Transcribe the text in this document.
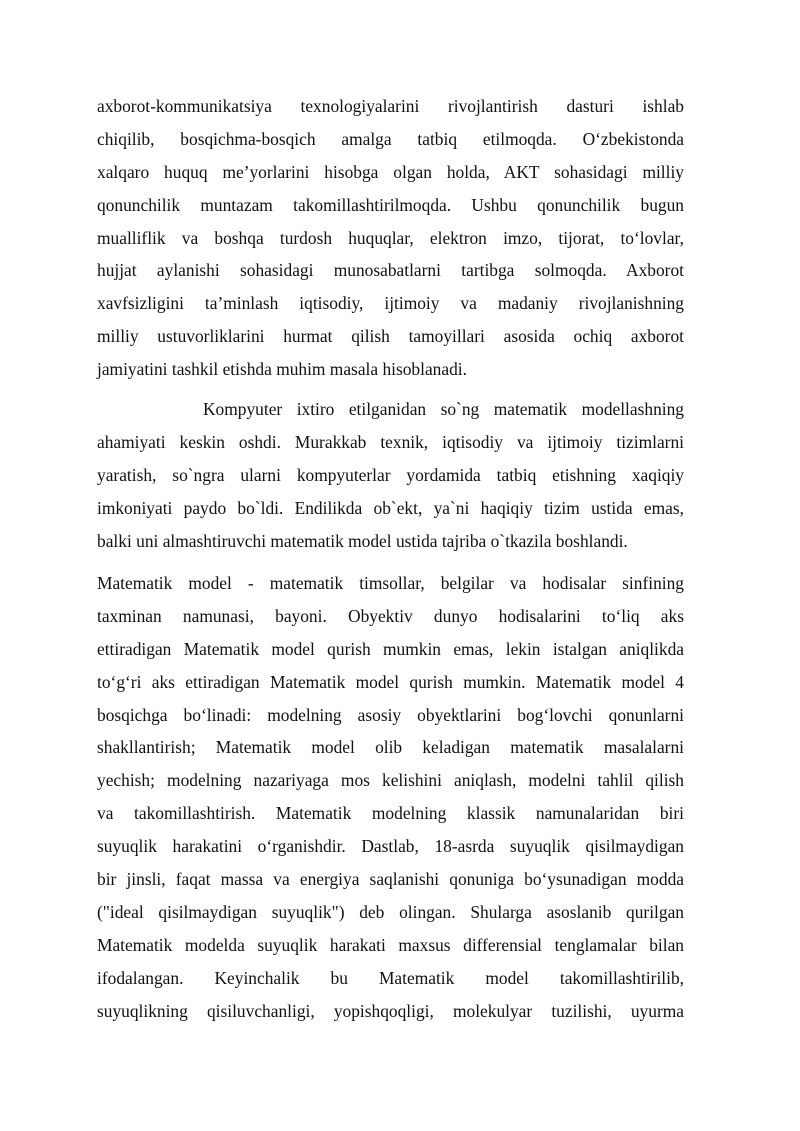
axborot-kommunikatsiya texnologiyalarini rivojlantirish dasturi ishlab
chiqilib, bosqichma-bosqich amalga tatbiq etilmoqda. O‘zbekistonda
xalqaro huquq me’yorlarini hisobga olgan holda, AKT sohasidagi milliy
qonunchilik muntazam takomillashtirilmoqda. Ushbu qonunchilik bugun
mualliflik va boshqa turdosh huquqlar, elektron imzo, tijorat, to‘lovlar,
hujjat aylanishi sohasidagi munosabatlarni tartibga solmoqda. Axborot
xavfsizligini ta’minlash iqtisodiy, ijtimoiy va madaniy rivojlanishning
milliy ustuvorliklarini hurmat qilish tamoyillari asosida ochiq axborot
jamiyatini tashkil etishda muhim masala hisoblanadi.
Kompyuter ixtiro etilganidan so`ng matematik modellashning
ahamiyati keskin oshdi. Murakkab texnik, iqtisodiy va ijtimoiy tizimlarni
yaratish, so`ngra ularni kompyuterlar yordamida tatbiq etishning xaqiqiy
imkoniyati paydo bo`ldi. Endilikda ob`ekt, ya`ni haqiqiy tizim ustida emas,
balki uni almashtiruvchi matematik model ustida tajriba o`tkazila boshlandi.
Matematik model - matematik timsollar, belgilar va hodisalar sinfining
taxminan namunasi, bayoni. Obyektiv dunyo hodisalarini to‘liq aks
ettiradigan Matematik model qurish mumkin emas, lekin istalgan aniqlikda
to‘g‘ri aks ettiradigan Matematik model qurish mumkin. Matematik model 4
bosqichga bo‘linadi: modelning asosiy obyektlarini bog‘lovchi qonunlarni
shakllantirish; Matematik model olib keladigan matematik masalalarni
yechish; modelning nazariyaga mos kelishini aniqlash, modelni tahlil qilish
va takomillashtirish. Matematik modelning klassik namunalaridan biri
suyuqlik harakatini o‘rganishdir. Dastlab, 18-asrda suyuqlik qisilmaydigan
bir jinsli, faqat massa va energiya saqlanishi qonuniga bo‘ysunadigan modda
("ideal qisilmaydigan suyuqlik") deb olingan. Shularga asoslanib qurilgan
Matematik modelda suyuqlik harakati maxsus differensial tenglamalar bilan
ifodalangan. Keyinchalik bu Matematik model takomillashtirilib,
suyuqlikning qisiluvchanligi, yopishqoqligi, molekulyar tuzilishi, uyurma
